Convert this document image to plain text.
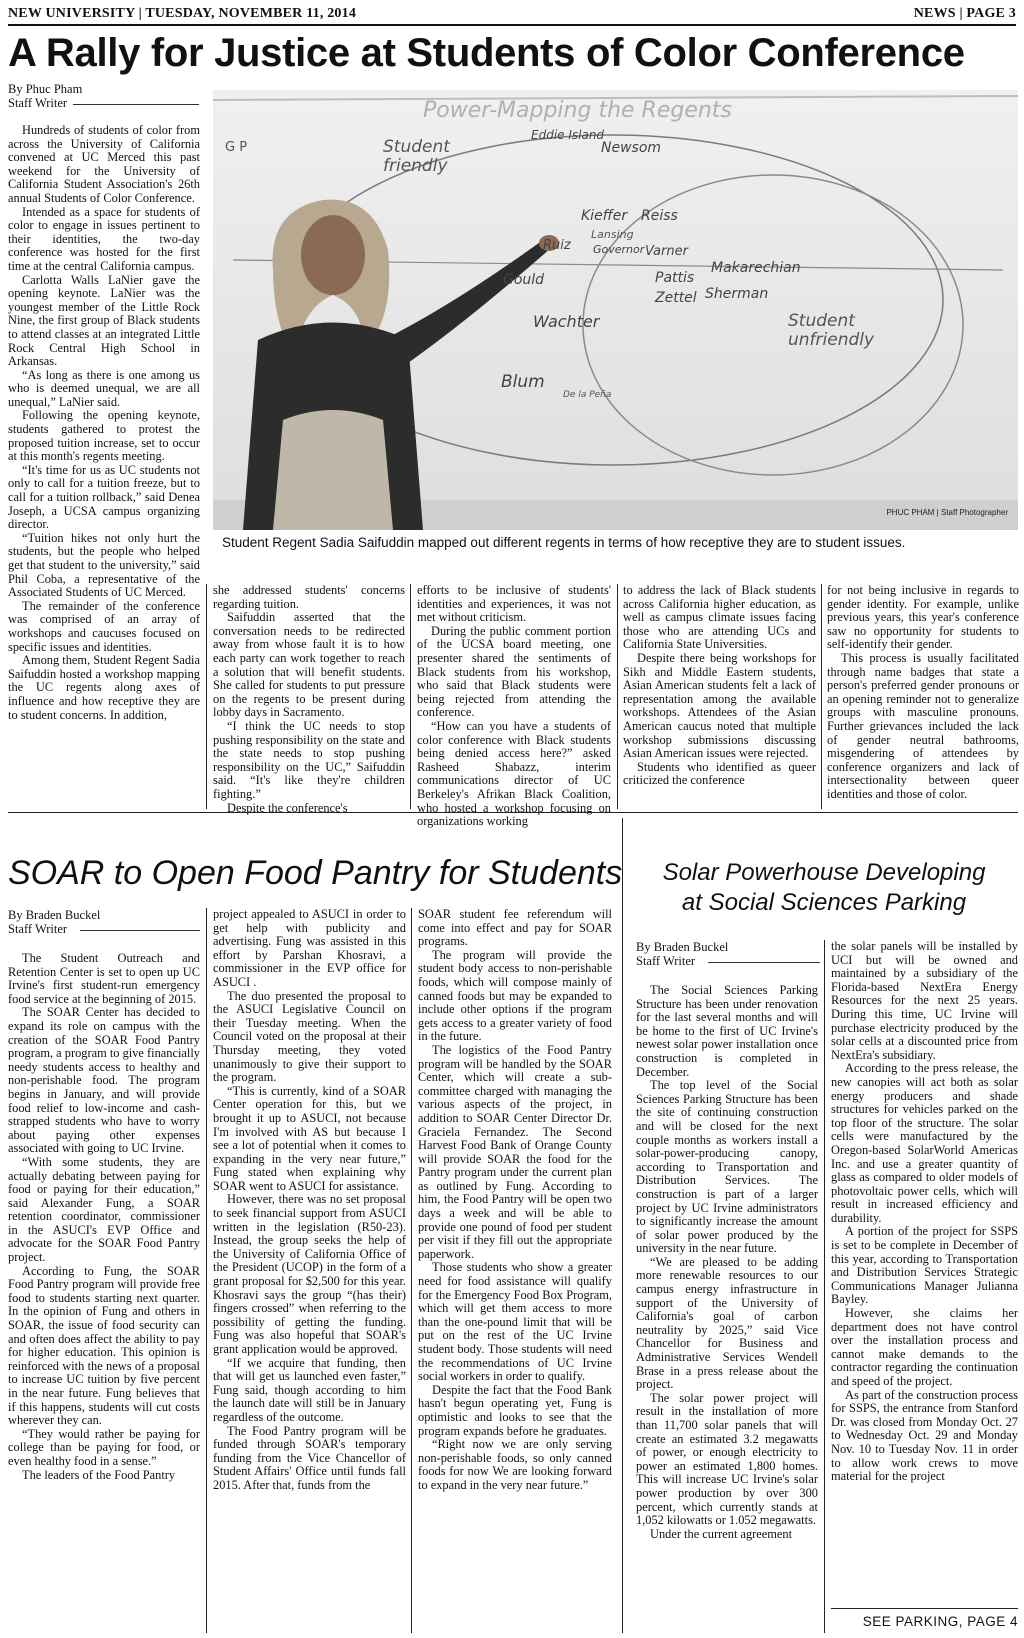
NEW UNIVERSITY | TUESDAY, NOVEMBER 11, 2014	NEWS | PAGE 3
A Rally for Justice at Students of Color Conference
By Phuc Pham
Staff Writer	Power-Mapping the Regents
G P	Student friendly
Student unfriendly
Eddie Island
Newsom
Kieffer Reiss
Lansing
Ruiz Governor Varner
Gould	Pattis
Zettel
Makarechian
Sherman
Wachter
Blum
De la Peña
PHUC PHAM | Staff Photographer
Student Regent Sadia Saifuddin mapped out different regents in terms of how receptive they are to student issues.

Hundreds of students of color from across the University of California convened at UC Merced this past weekend for the University of California Student Association's 26th annual Students of Color Conference.

Intended as a space for students of color to engage in issues pertinent to their identities, the two-day conference was hosted for the first time at the central California campus.

Carlotta Walls LaNier gave the opening keynote. LaNier was the youngest member of the Little Rock Nine, the first group of Black students to attend classes at an integrated Little Rock Central High School in Arkansas.

“As long as there is one among us who is deemed unequal, we are all unequal,” LaNier said.

Following the opening keynote, students gathered to protest the proposed tuition increase, set to occur at this month's regents meeting.

“It's time for us as UC students not only to call for a tuition freeze, but to call for a tuition rollback,” said Denea Joseph, a UCSA campus organizing director.

“Tuition hikes not only hurt the students, but the people who helped get that student to the university,” said Phil Coba, a representative of the Associated Students of UC Merced.

The remainder of the conference was comprised of an array of workshops and caucuses focused on specific issues and identities.

Among them, Student Regent Sadia Saifuddin hosted a workshop mapping the UC regents along axes of influence and how receptive they are to student concerns. In addition,

she addressed students' concerns regarding tuition.

Saifuddin asserted that the conversation needs to be redirected away from whose fault it is to how each party can work together to reach a solution that will benefit students. She called for students to put pressure on the regents to be present during lobby days in Sacramento.

“I think the UC needs to stop pushing responsibility on the state and the state needs to stop pushing responsibility on the UC,” Saifuddin said. “It's like they're children fighting.”

Despite the conference's

efforts to be inclusive of students' identities and experiences, it was not met without criticism.

During the public comment portion of the UCSA board meeting, one presenter shared the sentiments of Black students from his workshop, who said that Black students were being rejected from attending the conference.

“How can you have a students of color conference with Black students being denied access here?” asked Rasheed Shabazz, interim communications director of UC Berkeley's Afrikan Black Coalition, who hosted a workshop focusing on organizations working

to address the lack of Black students across California higher education, as well as campus climate issues facing those who are attending UCs and California State Universities.

Despite there being workshops for Sikh and Middle Eastern students, Asian American students felt a lack of representation among the available workshops. Attendees of the Asian American caucus noted that multiple workshop submissions discussing Asian American issues were rejected.

Students who identified as queer criticized the conference

for not being inclusive in regards to gender identity. For example, unlike previous years, this year's conference saw no opportunity for students to self-identify their gender.

This process is usually facilitated through name badges that state a person's preferred gender pronouns or an opening reminder not to generalize groups with masculine pronouns. Further grievances included the lack of gender neutral bathrooms, misgendering of attendees by conference organizers and lack of intersectionality between queer identities and those of color.

SOAR to Open Food Pantry for Students
By Braden Buckel
Staff Writer

The Student Outreach and Retention Center is set to open up UC Irvine's first student-run emergency food service at the beginning of 2015.

The SOAR Center has decided to expand its role on campus with the creation of the SOAR Food Pantry program, a program to give financially needy students access to healthy and non-perishable food. The program begins in January, and will provide food relief to low-income and cash-strapped students who have to worry about paying other expenses associated with going to UC Irvine.

“With some students, they are actually debating between paying for food or paying for their education,” said Alexander Fung, a SOAR retention coordinator, commissioner in the ASUCI's EVP Office and advocate for the SOAR Food Pantry project.

According to Fung, the SOAR Food Pantry program will provide free food to students starting next quarter. In the opinion of Fung and others in SOAR, the issue of food security can and often does affect the ability to pay for higher education. This opinion is reinforced with the news of a proposal to increase UC tuition by five percent in the near future. Fung believes that if this happens, students will cut costs wherever they can.

“They would rather be paying for college than be paying for food, or even healthy food in a sense.”

The leaders of the Food Pantry

project appealed to ASUCI in order to get help with publicity and advertising. Fung was assisted in this effort by Parshan Khosravi, a commissioner in the EVP office for ASUCI .

The duo presented the proposal to the ASUCI Legislative Council on their Tuesday meeting. When the Council voted on the proposal at their Thursday meeting, they voted unanimously to give their support to the program.

“This is currently, kind of a SOAR Center operation for this, but we brought it up to ASUCI, not because I'm involved with AS but because I see a lot of potential when it comes to expanding in the very near future,” Fung stated when explaining why SOAR went to ASUCI for assistance.

However, there was no set proposal to seek financial support from ASUCI written in the legislation (R50-23). Instead, the group seeks the help of the University of California Office of the President (UCOP) in the form of a grant proposal for $2,500 for this year. Khosravi says the group “(has their) fingers crossed” when referring to the possibility of getting the funding. Fung was also hopeful that SOAR's grant application would be approved.

“If we acquire that funding, then that will get us launched even faster,” Fung said, though according to him the launch date will still be in January regardless of the outcome.

The Food Pantry program will be funded through SOAR's temporary funding from the Vice Chancellor of Student Affairs' Office until funds fall 2015. After that, funds from the

SOAR student fee referendum will come into effect and pay for SOAR programs.

The program will provide the student body access to non-perishable foods, which will compose mainly of canned foods but may be expanded to include other options if the program gets access to a greater variety of food in the future.

The logistics of the Food Pantry program will be handled by the SOAR Center, which will create a sub-committee charged with managing the various aspects of the project, in addition to SOAR Center Director Dr. Graciela Fernandez. The Second Harvest Food Bank of Orange County will provide SOAR the food for the Pantry program under the current plan as outlined by Fung. According to him, the Food Pantry will be open two days a week and will be able to provide one pound of food per student per visit if they fill out the appropriate paperwork.

Those students who show a greater need for food assistance will qualify for the Emergency Food Box Program, which will get them access to more than the one-pound limit that will be put on the rest of the UC Irvine student body. Those students will need the recommendations of UC Irvine social workers in order to qualify.

Despite the fact that the Food Bank hasn't begun operating yet, Fung is optimistic and looks to see that the program expands before he graduates.

“Right now we are only serving non-perishable foods, so only canned foods for now We are looking forward to expand in the very near future.”

Solar Powerhouse Developing
at Social Sciences Parking
By Braden Buckel
Staff Writer

The Social Sciences Parking Structure has been under renovation for the last several months and will be home to the first of UC Irvine's newest solar power installation once construction is completed in December.

The top level of the Social Sciences Parking Structure has been the site of continuing construction and will be closed for the next couple months as workers install a solar-power-producing canopy, according to Transportation and Distribution Services. The construction is part of a larger project by UC Irvine administrators to significantly increase the amount of solar power produced by the university in the near future.

“We are pleased to be adding more renewable resources to our campus energy infrastructure in support of the University of California's goal of carbon neutrality by 2025,” said Vice Chancellor for Business and Administrative Services Wendell Brase in a press release about the project.

The solar power project will result in the installation of more than 11,700 solar panels that will create an estimated 3.2 megawatts of power, or enough electricity to power an estimated 1,800 homes. This will increase UC Irvine's solar power production by over 300 percent, which currently stands at 1,052 kilowatts or 1.052 megawatts.

Under the current agreement

the solar panels will be installed by UCI but will be owned and maintained by a subsidiary of the Florida-based NextEra Energy Resources for the next 25 years. During this time, UC Irvine will purchase electricity produced by the solar cells at a discounted price from NextEra's subsidiary.

According to the press release, the new canopies will act both as solar energy producers and shade structures for vehicles parked on the top floor of the structure. The solar cells were manufactured by the Oregon-based SolarWorld Americas Inc. and use a greater quantity of glass as compared to older models of photovoltaic power cells, which will result in increased efficiency and durability.

A portion of the project for SSPS is set to be complete in December of this year, according to Transportation and Distribution Services Strategic Communications Manager Julianna Bayley.

However, she claims her department does not have control over the installation process and cannot make demands to the contractor regarding the continuation and speed of the project.

As part of the construction process for SSPS, the entrance from Stanford Dr. was closed from Monday Oct. 27 to Wednesday Oct. 29 and Monday Nov. 10 to Tuesday Nov. 11 in order to allow work crews to move material for the project

SEE PARKING, PAGE 4
